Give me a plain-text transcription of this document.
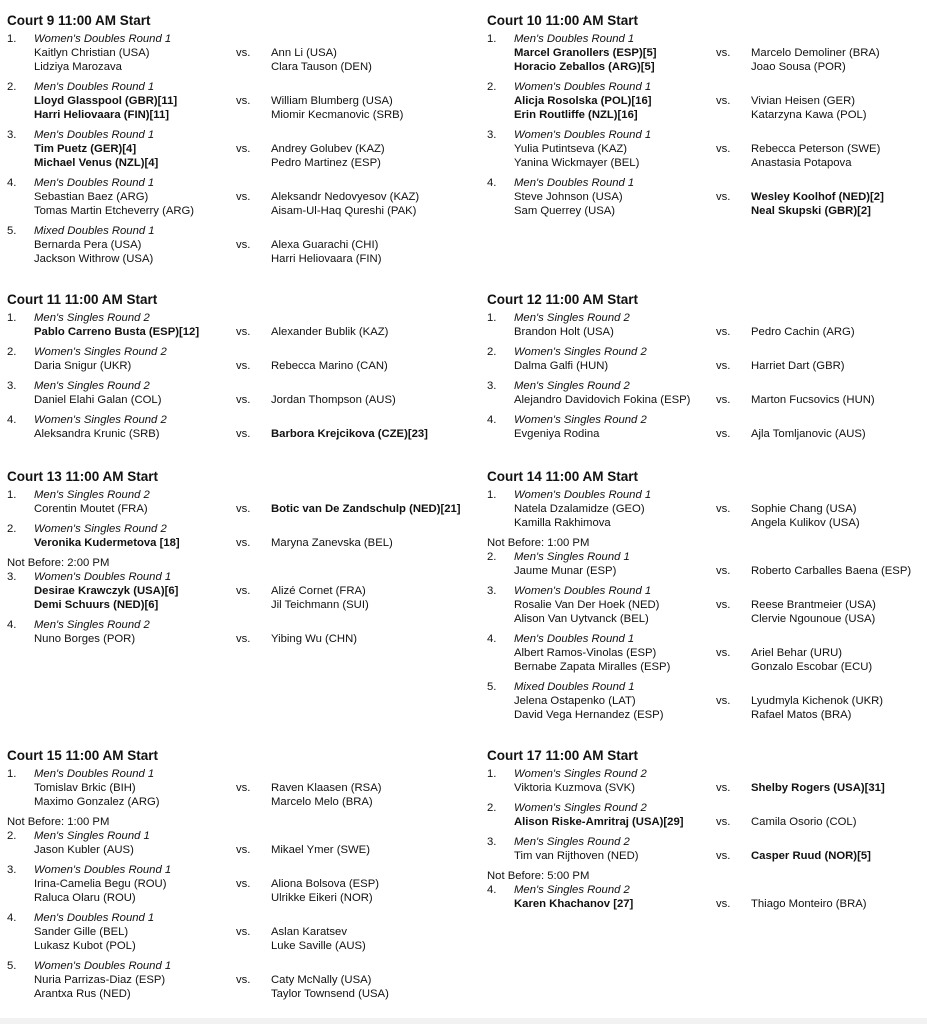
Court 9 11:00 AM Start
1. Women's Doubles Round 1
Kaitlyn Christian (USA)
Lidziya Marozava
vs. Ann Li (USA)
Clara Tauson (DEN)
2. Men's Doubles Round 1
Lloyd Glasspool (GBR)[11]
Harri Heliovaara (FIN)[11]
vs. William Blumberg (USA)
Miomir Kecmanovic (SRB)
3. Men's Doubles Round 1
Tim Puetz (GER)[4]
Michael Venus (NZL)[4]
vs. Andrey Golubev (KAZ)
Pedro Martinez (ESP)
4. Men's Doubles Round 1
Sebastian Baez (ARG)
Tomas Martin Etcheverry (ARG)
vs. Aleksandr Nedovyesov (KAZ)
Aisam-Ul-Haq Qureshi (PAK)
5. Mixed Doubles Round 1
Bernarda Pera (USA)
Jackson Withrow (USA)
vs. Alexa Guarachi (CHI)
Harri Heliovaara (FIN)
Court 10 11:00 AM Start
1. Men's Doubles Round 1
Marcel Granollers (ESP)[5]
Horacio Zeballos (ARG)[5]
vs. Marcelo Demoliner (BRA)
Joao Sousa (POR)
2. Women's Doubles Round 1
Alicja Rosolska (POL)[16]
Erin Routliffe (NZL)[16]
vs. Vivian Heisen (GER)
Katarzyna Kawa (POL)
3. Women's Doubles Round 1
Yulia Putintseva (KAZ)
Yanina Wickmayer (BEL)
vs. Rebecca Peterson (SWE)
Anastasia Potapova
4. Men's Doubles Round 1
Steve Johnson (USA)
Sam Querrey (USA)
vs. Wesley Koolhof (NED)[2]
Neal Skupski (GBR)[2]
Court 11 11:00 AM Start
1. Men's Singles Round 2
Pablo Carreno Busta (ESP)[12]	vs. Alexander Bublik (KAZ)
2. Women's Singles Round 2
Daria Snigur (UKR)	vs. Rebecca Marino (CAN)
3. Men's Singles Round 2
Daniel Elahi Galan (COL)	vs. Jordan Thompson (AUS)
4. Women's Singles Round 2
Aleksandra Krunic (SRB)	vs. Barbora Krejcikova (CZE)[23]
Court 12 11:00 AM Start
1. Men's Singles Round 2
Brandon Holt (USA)	vs. Pedro Cachin (ARG)
2. Women's Singles Round 2
Dalma Galfi (HUN)	vs. Harriet Dart (GBR)
3. Men's Singles Round 2
Alejandro Davidovich Fokina (ESP) vs. Marton Fucsovics (HUN)
4. Women's Singles Round 2
Evgeniya Rodina	vs. Ajla Tomljanovic (AUS)
Court 13 11:00 AM Start
1. Men's Singles Round 2
Corentin Moutet (FRA)	vs. Botic van De Zandschulp (NED)[21]
2. Women's Singles Round 2
Veronika Kudermetova [18]	vs. Maryna Zanevska (BEL)
Not Before: 2:00 PM
3. Women's Doubles Round 1
Desirae Krawczyk (USA)[6]
Demi Schuurs (NED)[6]
vs. Alizé Cornet (FRA)
Jil Teichmann (SUI)
4. Men's Singles Round 2
Nuno Borges (POR)	vs. Yibing Wu (CHN)
Court 14 11:00 AM Start
1. Women's Doubles Round 1
Natela Dzalamidze (GEO)
Kamilla Rakhimova
vs. Sophie Chang (USA)
Angela Kulikov (USA)
Not Before: 1:00 PM
2. Men's Singles Round 1
Jaume Munar (ESP)	vs. Roberto Carballes Baena (ESP)
3. Women's Doubles Round 1
Rosalie Van Der Hoek (NED)
Alison Van Uytvanck (BEL)
vs. Reese Brantmeier (USA)
Clervie Ngounoue (USA)
4. Men's Doubles Round 1
Albert Ramos-Vinolas (ESP)
Bernabe Zapata Miralles (ESP)
vs. Ariel Behar (URU)
Gonzalo Escobar (ECU)
5. Mixed Doubles Round 1
Jelena Ostapenko (LAT)
David Vega Hernandez (ESP)
vs. Lyudmyla Kichenok (UKR)
Rafael Matos (BRA)
Court 15 11:00 AM Start
1. Men's Doubles Round 1
Tomislav Brkic (BIH)
Maximo Gonzalez (ARG)
vs. Raven Klaasen (RSA)
Marcelo Melo (BRA)
Not Before: 1:00 PM
2. Men's Singles Round 1
Jason Kubler (AUS)	vs. Mikael Ymer (SWE)
3. Women's Doubles Round 1
Irina-Camelia Begu (ROU)
Raluca Olaru (ROU)
vs. Aliona Bolsova (ESP)
Ulrikke Eikeri (NOR)
4. Men's Doubles Round 1
Sander Gille (BEL)
Lukasz Kubot (POL)
vs. Aslan Karatsev
Luke Saville (AUS)
5. Women's Doubles Round 1
Nuria Parrizas-Diaz (ESP)
Arantxa Rus (NED)
vs. Caty McNally (USA)
Taylor Townsend (USA)
Court 17 11:00 AM Start
1. Women's Singles Round 2
Viktoria Kuzmova (SVK)	vs. Shelby Rogers (USA)[31]
2. Women's Singles Round 2
Alison Riske-Amritraj (USA)[29]	vs. Camila Osorio (COL)
3. Men's Singles Round 2
Tim van Rijthoven (NED)	vs. Casper Ruud (NOR)[5]
Not Before: 5:00 PM
4. Men's Singles Round 2
Karen Khachanov [27]	vs. Thiago Monteiro (BRA)
